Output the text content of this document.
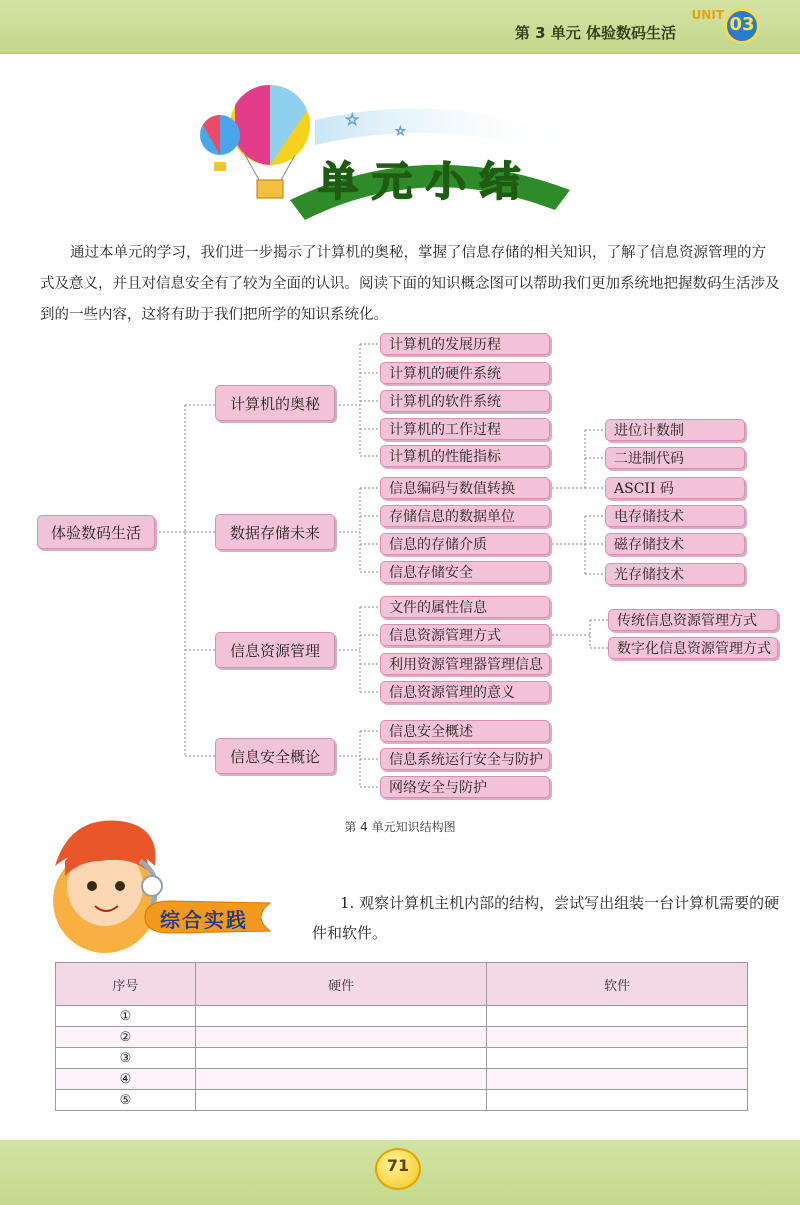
第 3 单元 体验数码生活
UNIT 03
☆
☆
单元小结
通过本单元的学习，我们进一步揭示了计算机的奥秘，掌握了信息存储的相关知识，了解了信息资源管理的方式及意义，并且对信息安全有了较为全面的认识。阅读下面的知识概念图可以帮助我们更加系统地把握数码生活涉及到的一些内容，这将有助于我们把所学的知识系统化。
体验数码生活
计算机的奥秘
数据存储未来
信息资源管理
信息安全概论
计算机的发展历程
计算机的硬件系统
计算机的软件系统
计算机的工作过程
计算机的性能指标
信息编码与数值转换
存储信息的数据单位
信息的存储介质
信息存储安全
文件的属性信息
信息资源管理方式
利用资源管理器管理信息
信息资源管理的意义
信息安全概述
信息系统运行安全与防护
网络安全与防护
进位计数制
二进制代码
ASCII 码
电存储技术
磁存储技术
光存储技术
传统信息资源管理方式
数字化信息资源管理方式
第 4 单元知识结构图
综合实践
1. 观察计算机主机内部的结构，尝试写出组装一台计算机需要的硬件和软件。
序号	硬件	软件
①		
②		
③		
④		
⑤		
71
